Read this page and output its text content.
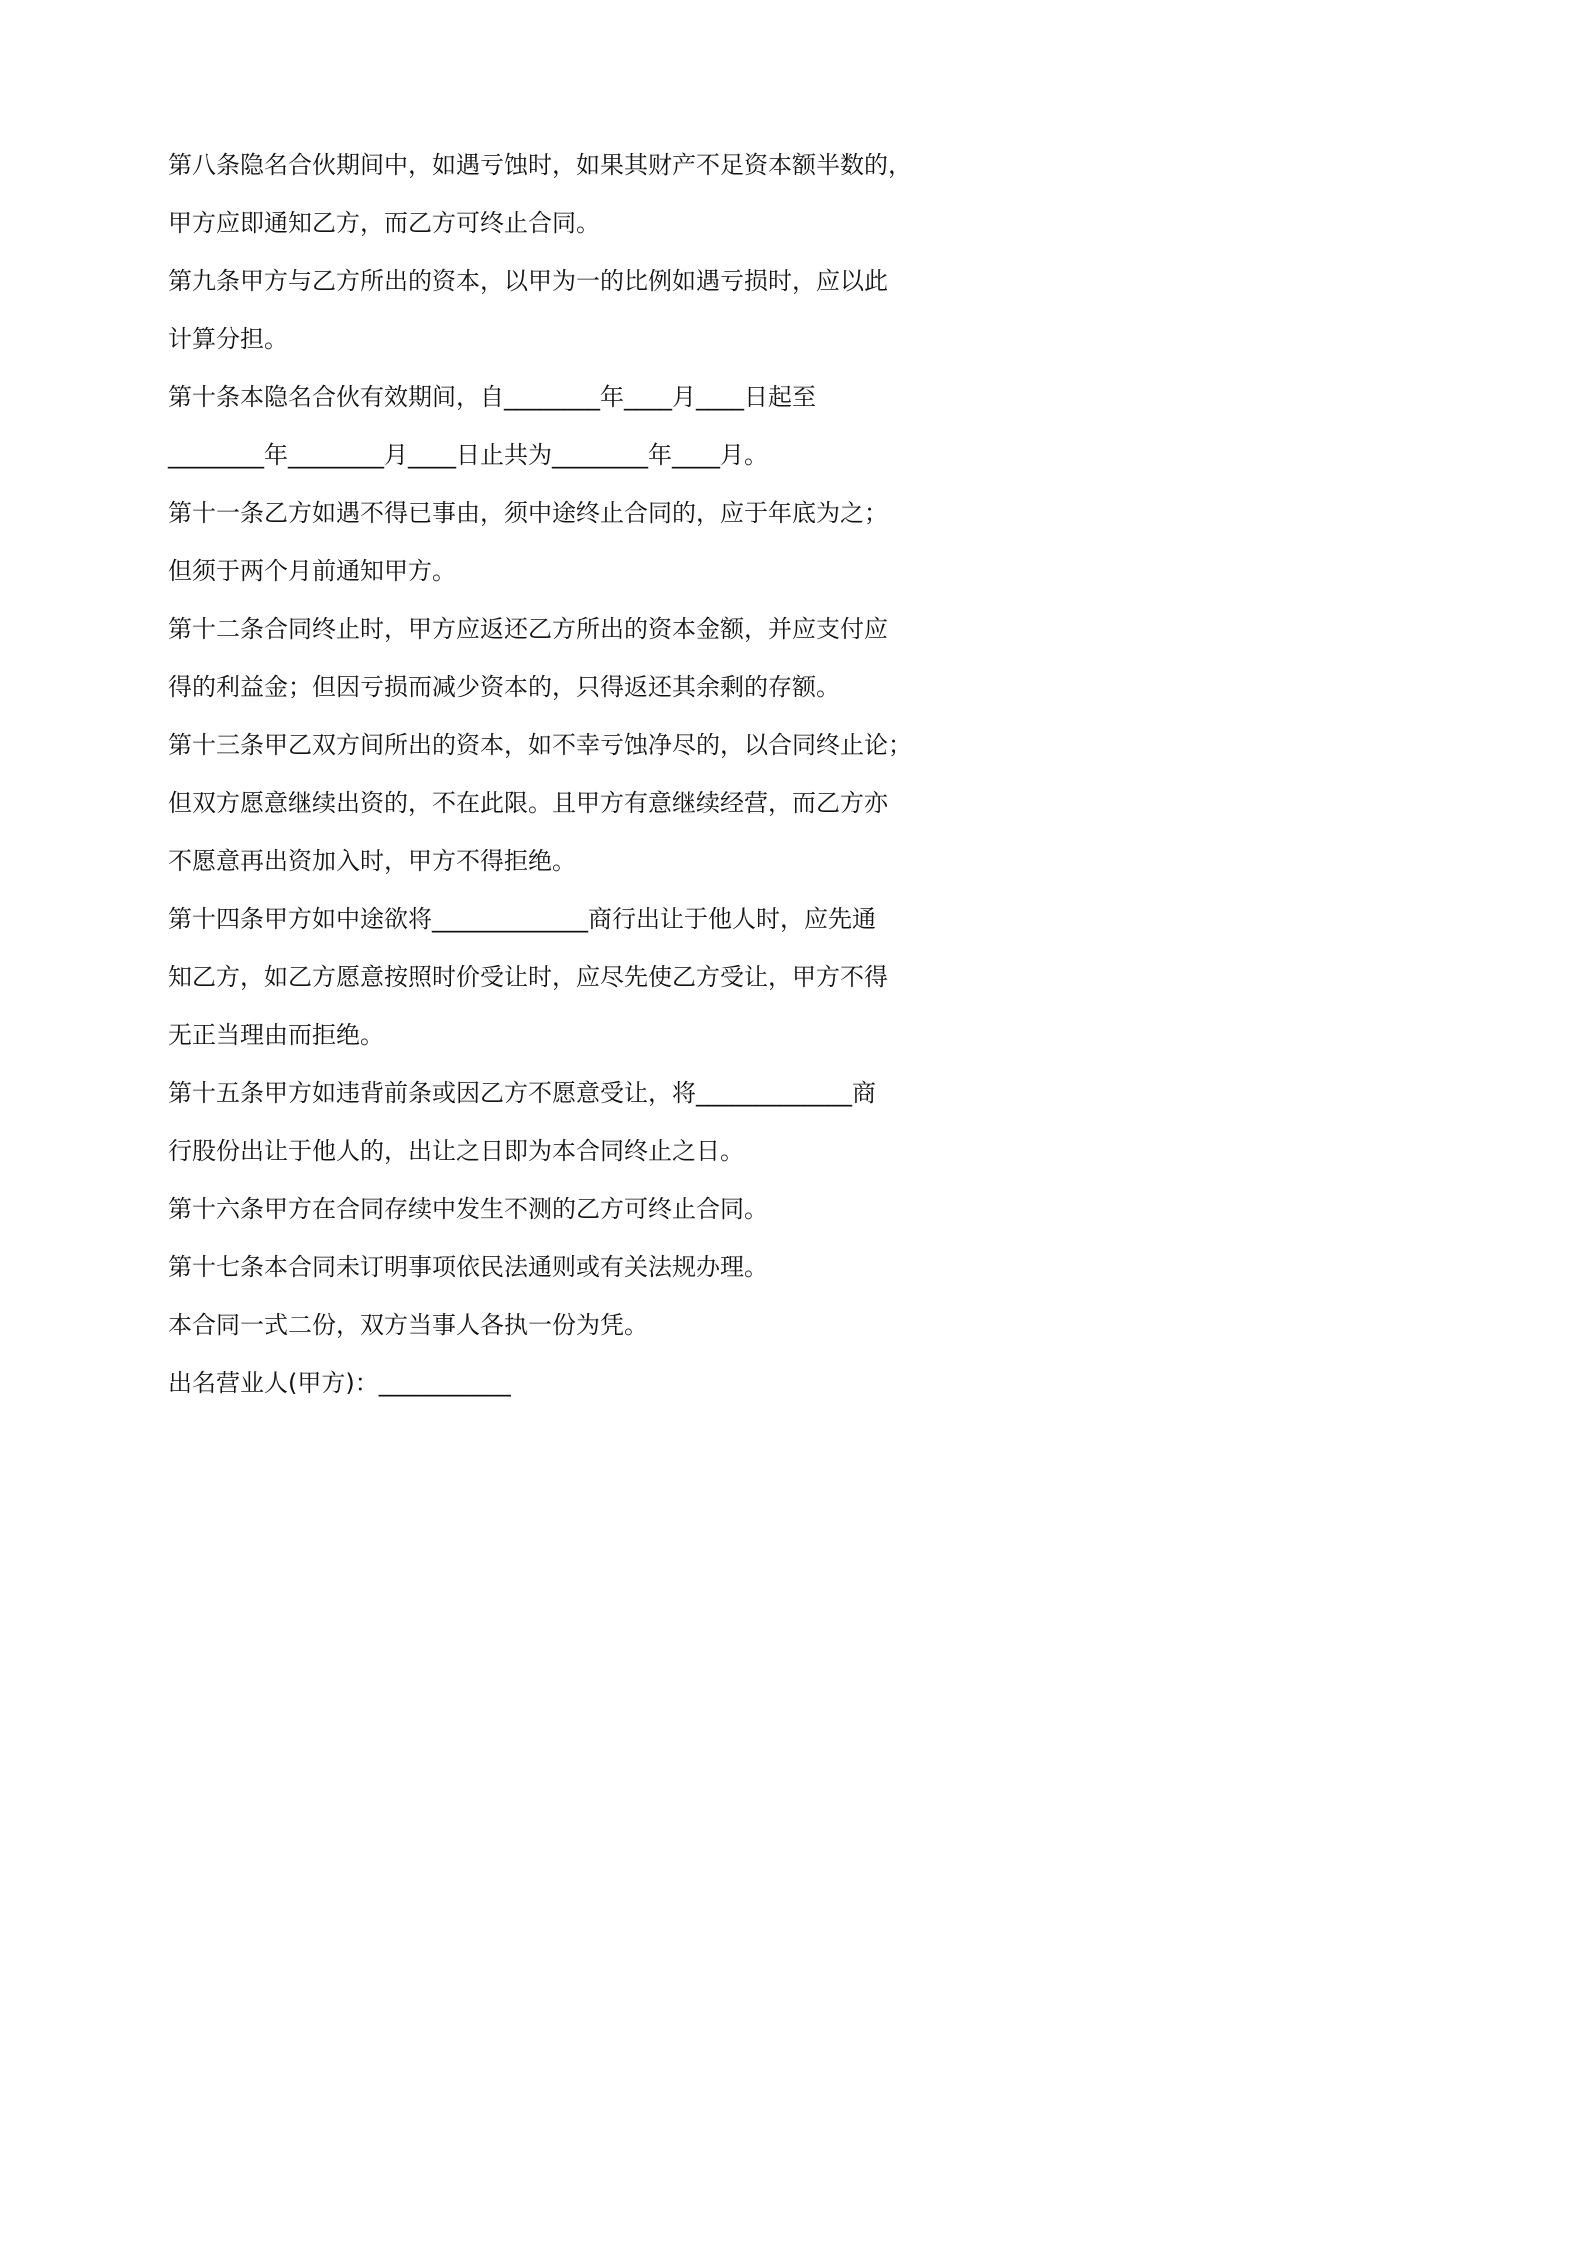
第八条隐名合伙期间中，如遇亏蚀时，如果其财产不足资本额半数的，
甲方应即通知乙方，而乙方可终止合同。
第九条甲方与乙方所出的资本，以甲为一的比例如遇亏损时，应以此
计算分担。
第十条本隐名合伙有效期间，自________年____月____日起至
________年________月____日止共为________年____月。
第十一条乙方如遇不得已事由，须中途终止合同的，应于年底为之；
但须于两个月前通知甲方。
第十二条合同终止时，甲方应返还乙方所出的资本金额，并应支付应
得的利益金；但因亏损而减少资本的，只得返还其余剩的存额。
第十三条甲乙双方间所出的资本，如不幸亏蚀净尽的，以合同终止论；
但双方愿意继续出资的，不在此限。且甲方有意继续经营，而乙方亦
不愿意再出资加入时，甲方不得拒绝。
第十四条甲方如中途欲将_____________商行出让于他人时，应先通
知乙方，如乙方愿意按照时价受让时，应尽先使乙方受让，甲方不得
无正当理由而拒绝。
第十五条甲方如违背前条或因乙方不愿意受让，将_____________商
行股份出让于他人的，出让之日即为本合同终止之日。
第十六条甲方在合同存续中发生不测的乙方可终止合同。
第十七条本合同未订明事项依民法通则或有关法规办理。
本合同一式二份，双方当事人各执一份为凭。
出名营业人(甲方)：___________
